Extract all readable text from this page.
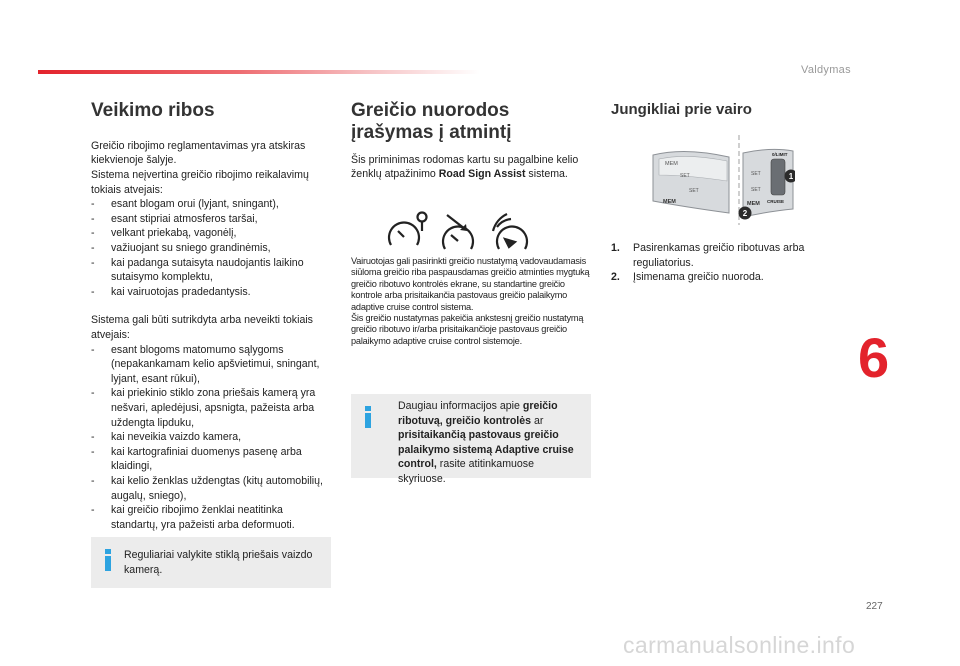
Valdymas
Veikimo ribos

Greičio ribojimo reglamentavimas yra atskiras kiekvienoje šalyje.

Sistema neįvertina greičio ribojimo reikalavimų tokiais atvejais:

- esant blogam orui (lyjant, sningant),
- esant stipriai atmosferos taršai,
- velkant priekabą, vagonėlį,
- važiuojant su sniego grandinėmis,
- kai padanga sutaisyta naudojantis laikino sutaisymo komplektu,
- kai vairuotojas pradedantysis.

Sistema gali būti sutrikdyta arba neveikti tokiais atvejais:

- esant blogoms matomumo sąlygoms (nepakankamam kelio apšvietimui, sningant, lyjant, esant rūkui),
- kai priekinio stiklo zona priešais kamerą yra nešvari, apledėjusi, apsnigta, pažeista arba uždengta lipduku,
- kai neveikia vaizdo kamera,
- kai kartografiniai duomenys pasenę arba klaidingi,
- kai kelio ženklas uždengtas (kitų automobilių, augalų, sniego),
- kai greičio ribojimo ženklai neatitinka standartų, yra pažeisti arba deformuoti.
Reguliariai valykite stiklą priešais vaizdo kamerą.
Greičio nuorodos įrašymas į atmintį

Šis priminimas rodomas kartu su pagalbine kelio ženklų atpažinimo Road Sign Assist sistema.

Vairuotojas gali pasirinkti greičio nustatymą vadovaudamasis siūloma greičio riba paspausdamas greičio atminties mygtuką greičio ribotuvo kontrolės ekrane, su standartine greičio kontrole arba prisitaikančia pastovaus greičio palaikymo adaptive cruise control sistema.

Šis greičio nustatymas pakeičia ankstesnį greičio nustatymą greičio ribotuvo ir/arba prisitaikančioje pastovaus greičio palaikymo adaptive cruise control sistemoje.

Daugiau informacijos apie greičio ribotuvą, greičio kontrolės ar prisitaikančią pastovaus greičio palaikymo sistemą Adaptive cruise control, rasite atitinkamuose skyriuose.
Jungikliai prie vairo
MEM
SET
SET
MEM
0/LIMIT
SET
SET
MEM CRUISE
1
2
1. Pasirenkamas greičio ribotuvas arba reguliatorius.
2. Įsimenama greičio nuoroda.
6
227
carmanualsonline.info
